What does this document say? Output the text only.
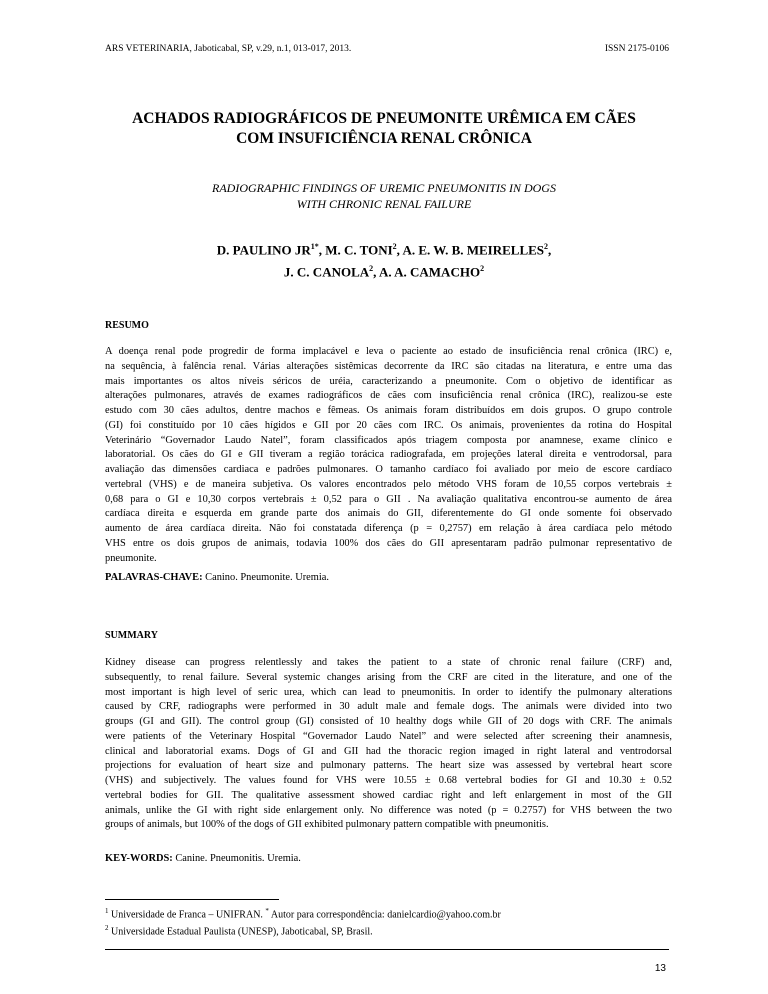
ARS VETERINARIA, Jaboticabal, SP, v.29, n.1, 013-017, 2013.	ISSN 2175-0106
ACHADOS RADIOGRÁFICOS DE PNEUMONITE URÊMICA EM CÃES
COM INSUFICIÊNCIA RENAL CRÔNICA
RADIOGRAPHIC FINDINGS OF UREMIC PNEUMONITIS IN DOGS
WITH CHRONIC RENAL FAILURE
D. PAULINO $JR^{1*}$, M. C. TONI$^2$, A. E. W. B. MEIRELLES$^2$,
J. C. CANOLA$^2$, A. A. CAMACHO$^2$
RESUMO
A doença renal pode progredir de forma implacável e leva o paciente ao estado de insuficiência renal crônica (IRC) e,
na sequência, à falência renal. Várias alterações sistêmicas decorrente da IRC são citadas na literatura, e entre uma das
mais importantes os altos níveis séricos de uréia, caracterizando a pneumonite. Com o objetivo de identificar as
alterações pulmonares, através de exames radiográficos de cães com insuficiência renal crônica (IRC), realizou-se este
estudo com 30 cães adultos, dentre machos e fêmeas. Os animais foram distribuídos em dois grupos. O grupo controle
(GI) foi constituído por 10 cães hígidos e GII por 20 cães com IRC. Os animais, provenientes da rotina do Hospital
Veterinário “Governador Laudo Natel”, foram classificados após triagem composta por anamnese, exame clínico e
laboratorial. Os cães do GI e GII tiveram a região torácica radiografada, em projeções lateral direita e ventrodorsal, para
avaliação das dimensões cardiaca e padrões pulmonares. O tamanho cardíaco foi avaliado por meio de escore cardíaco
vertebral (VHS) e de maneira subjetiva. Os valores encontrados pelo método VHS foram de 10,55 corpos vertebrais ±
0,68 para o GI e 10,30 corpos vertebrais ± 0,52 para o GII . Na avaliação qualitativa encontrou-se aumento de área
cardíaca direita e esquerda em grande parte dos animais do GII, diferentemente do GI onde somente foi observado
aumento de área cardíaca direita. Não foi constatada diferença (p = 0,2757) em relação à área cardíaca pelo método
VHS entre os dois grupos de animais, todavia 100% dos cães do GII apresentaram padrão pulmonar representativo de
pneumonite.
PALAVRAS-CHAVE: Canino. Pneumonite. Uremia.
SUMMARY
Kidney disease can progress relentlessly and takes the patient to a state of chronic renal failure (CRF) and,
subsequently, to renal failure. Several systemic changes arising from the CRF are cited in the literature, and one of the
most important is high level of seric urea, which can lead to pneumonitis. In order to identify the pulmonary alterations
caused by CRF, radiographs were performed in 30 adult male and female dogs. The animals were divided into two
groups (GI and GII). The control group (GI) consisted of 10 healthy dogs while GII of 20 dogs with CRF. The animals
were patients of the Veterinary Hospital “Governador Laudo Natel” and were selected after screening their anamnesis,
clinical and laboratorial exams. Dogs of GI and GII had the thoracic region imaged in right lateral and ventrodorsal
projections for evaluation of heart size and pulmonary patterns. The heart size was assessed by vertebral heart score
(VHS) and subjectively. The values found for VHS were 10.55 ± 0.68 vertebral bodies for GI and 10.30 ± 0.52
vertebral bodies for GII. The qualitative assessment showed cardiac right and left enlargement in most of the GII
animals, unlike the GI with right side enlargement only. No difference was noted (p = 0.2757) for VHS between the two
groups of animals, but 100% of the dogs of GII exhibited pulmonary pattern compatible with pneumonitis.
KEY-WORDS: Canine. Pneumonitis. Uremia.
$^1$ Universidade de Franca – UNIFRAN. * Autor para correspondência: danielcardio@yahoo.com.br
$^2$ Universidade Estadual Paulista (UNESP), Jaboticabal, SP, Brasil.
13
